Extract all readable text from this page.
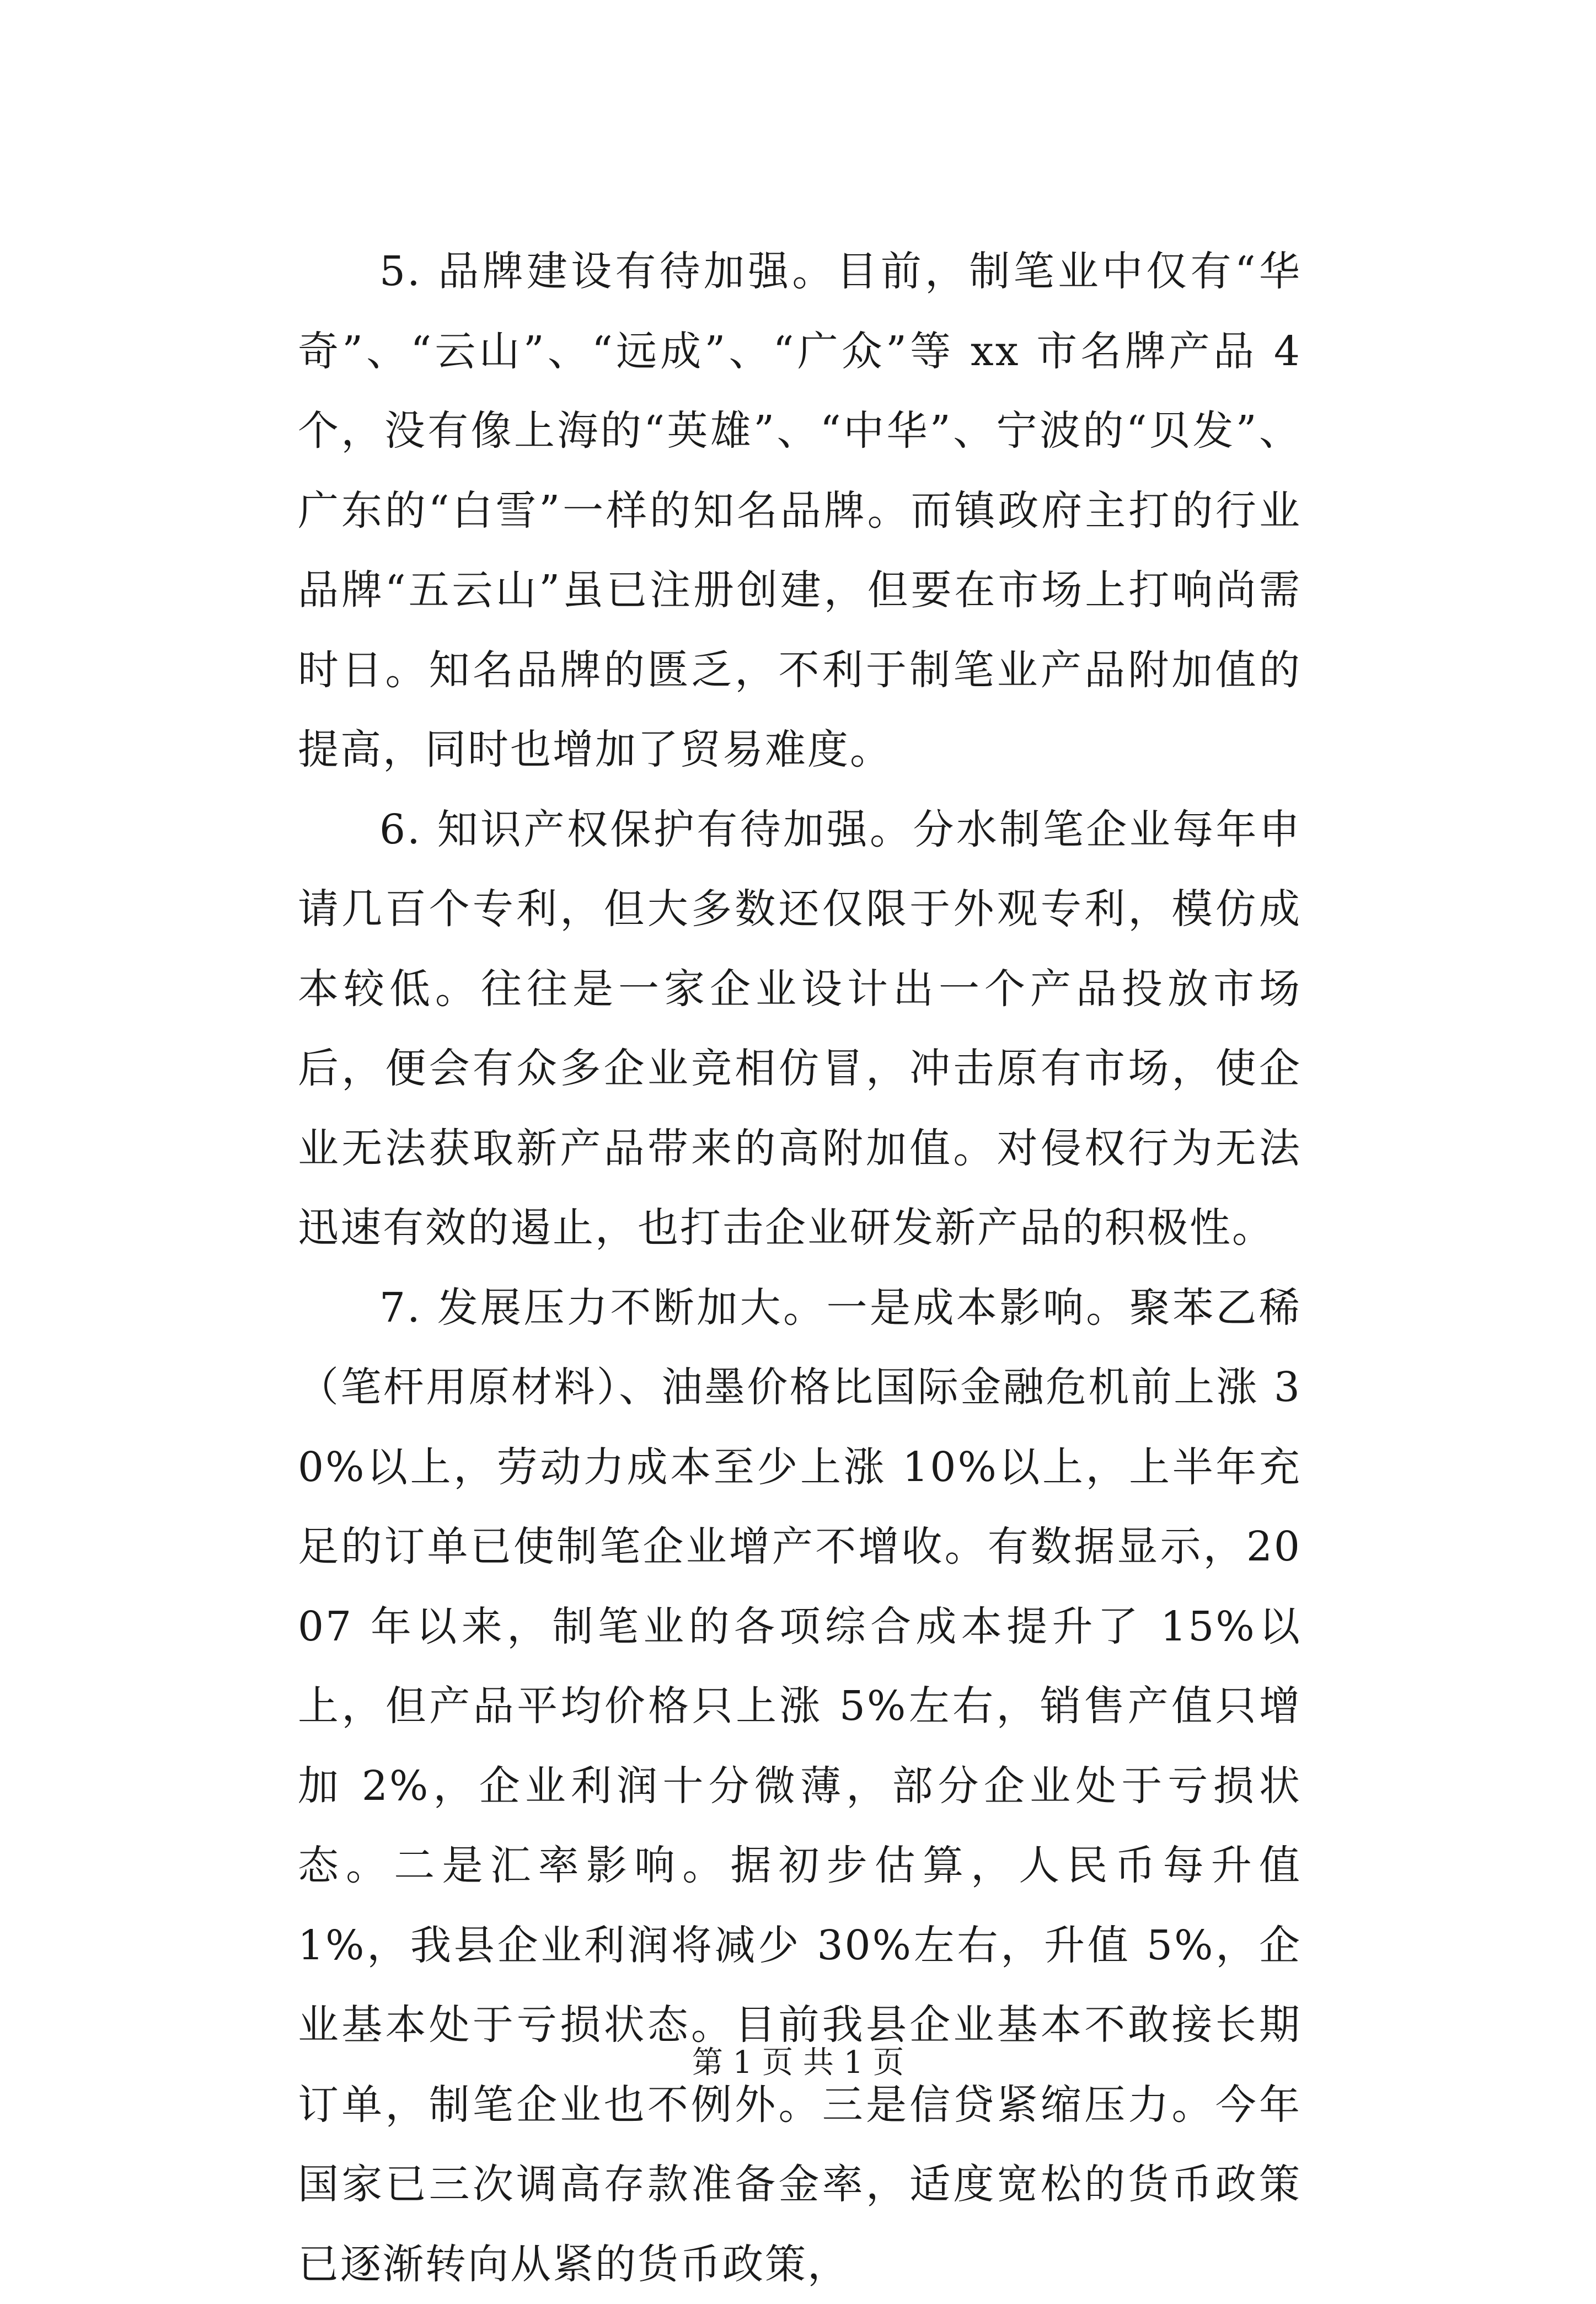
5. 品牌建设有待加强。目前，制笔业中仅有“华奇”、“云山”、“远成”、“广众”等 xx 市名牌产品 4 个，没有像上海的“英雄”、“中华”、宁波的“贝发”、广东的“白雪”一样的知名品牌。而镇政府主打的行业品牌“五云山”虽已注册创建，但要在市场上打响尚需时日。知名品牌的匮乏，不利于制笔业产品附加值的提高，同时也增加了贸易难度。

6. 知识产权保护有待加强。分水制笔企业每年申请几百个专利，但大多数还仅限于外观专利，模仿成本较低。往往是一家企业设计出一个产品投放市场后，便会有众多企业竞相仿冒，冲击原有市场，使企业无法获取新产品带来的高附加值。对侵权行为无法迅速有效的遏止，也打击企业研发新产品的积极性。

7. 发展压力不断加大。一是成本影响。聚苯乙稀（笔杆用原材料）、油墨价格比国际金融危机前上涨 30%以上，劳动力成本至少上涨 10%以上，上半年充足的订单已使制笔企业增产不增收。有数据显示，2007 年以来，制笔业的各项综合成本提升了 15%以上，但产品平均价格只上涨 5%左右，销售产值只增加 2%，企业利润十分微薄，部分企业处于亏损状态。二是汇率影响。据初步估算，人民币每升值 1%，我县企业利润将减少 30%左右，升值 5%，企业基本处于亏损状态。目前我县企业基本不敢接长期订单，制笔企业也不例外。三是信贷紧缩压力。今年国家已三次调高存款准备金率，适度宽松的货币政策已逐渐转向从紧的货币政策，

第 1 页 共 1 页
